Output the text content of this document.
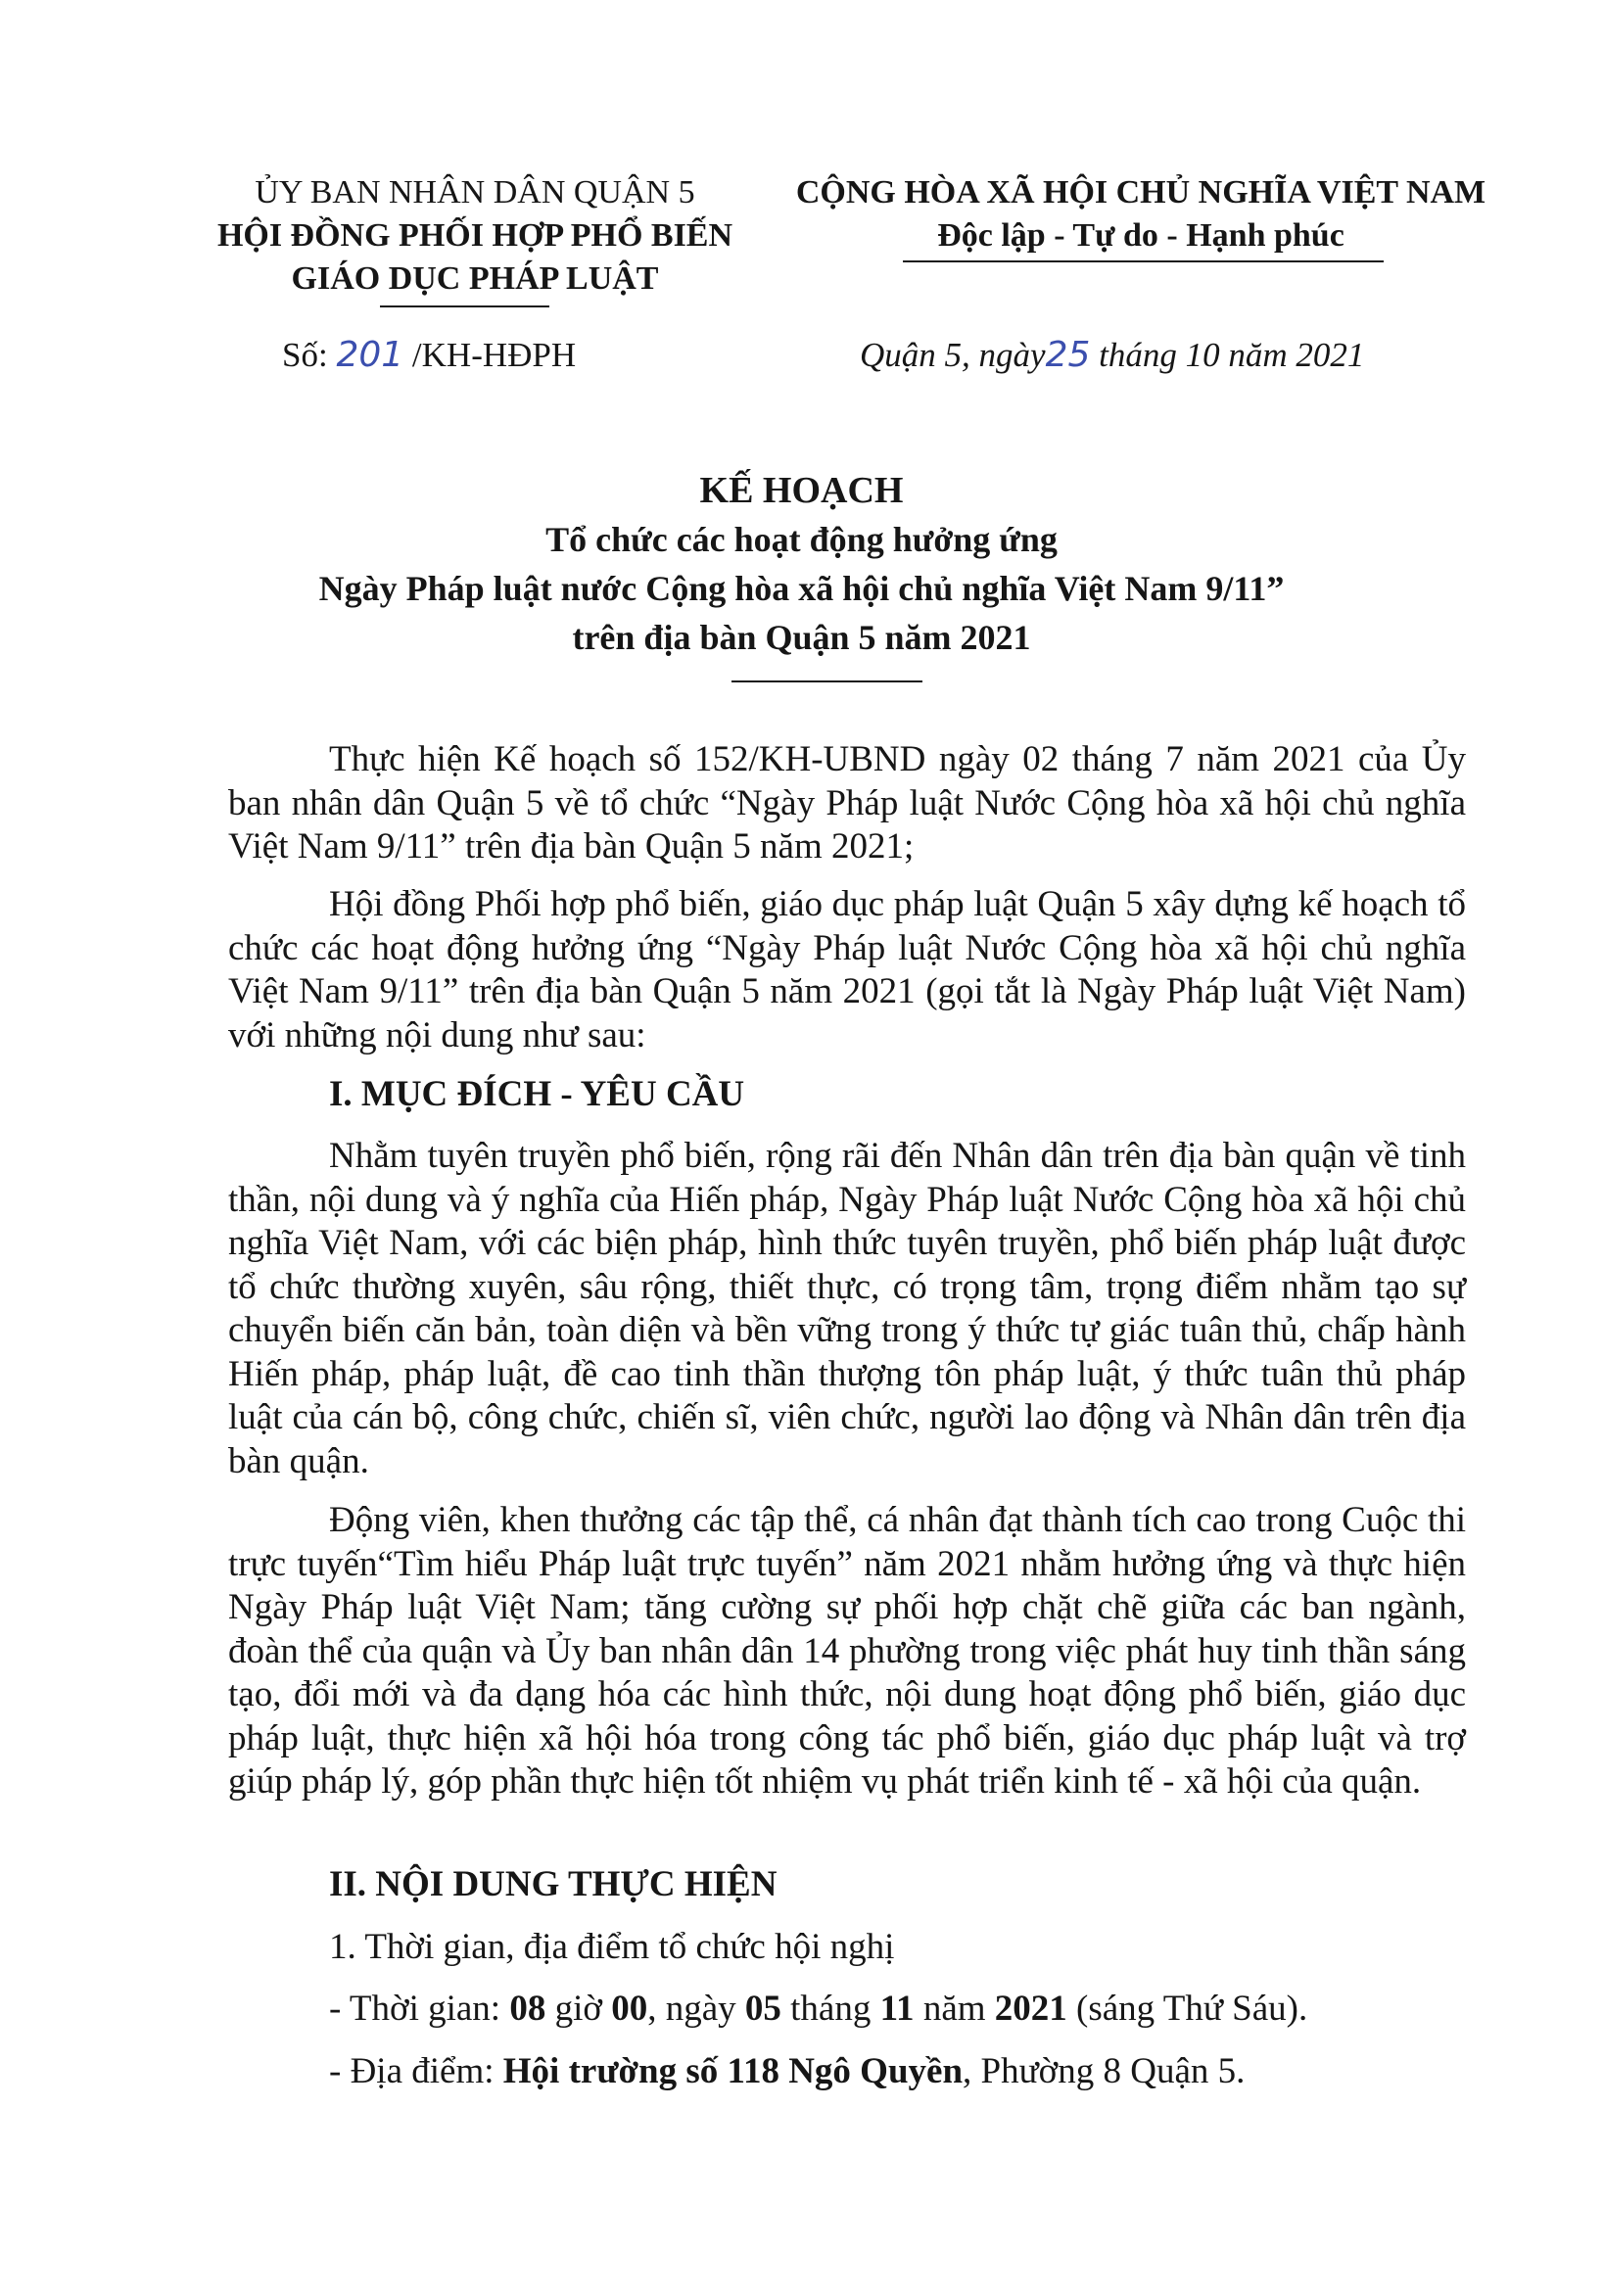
ỦY BAN NHÂN DÂN QUẬN 5
HỘI ĐỒNG PHỐI HỢP PHỔ BIẾN
GIÁO DỤC PHÁP LUẬT
CỘNG HÒA XÃ HỘI CHỦ NGHĨA VIỆT NAM
Độc lập - Tự do - Hạnh phúc
Số: 201 /KH-HĐPH	Quận 5, ngày25 tháng 10 năm 2021
KẾ HOẠCH
Tổ chức các hoạt động hưởng ứng
Ngày Pháp luật nước Cộng hòa xã hội chủ nghĩa Việt Nam 9/11”
trên địa bàn Quận 5 năm 2021
Thực hiện Kế hoạch số 152/KH-UBND ngày 02 tháng 7 năm 2021 của Ủy ban nhân dân Quận 5 về tổ chức “Ngày Pháp luật Nước Cộng hòa xã hội chủ nghĩa Việt Nam 9/11” trên địa bàn Quận 5 năm 2021;
Hội đồng Phối hợp phổ biến, giáo dục pháp luật Quận 5 xây dựng kế hoạch tổ chức các hoạt động hưởng ứng “Ngày Pháp luật Nước Cộng hòa xã hội chủ nghĩa Việt Nam 9/11” trên địa bàn Quận 5 năm 2021 (gọi tắt là Ngày Pháp luật Việt Nam) với những nội dung như sau:
I. MỤC ĐÍCH - YÊU CẦU
Nhằm tuyên truyền phổ biến, rộng rãi đến Nhân dân trên địa bàn quận về tinh thần, nội dung và ý nghĩa của Hiến pháp, Ngày Pháp luật Nước Cộng hòa xã hội chủ nghĩa Việt Nam, với các biện pháp, hình thức tuyên truyền, phổ biến pháp luật được tổ chức thường xuyên, sâu rộng, thiết thực, có trọng tâm, trọng điểm nhằm tạo sự chuyển biến căn bản, toàn diện và bền vững trong ý thức tự giác tuân thủ, chấp hành Hiến pháp, pháp luật, đề cao tinh thần thượng tôn pháp luật, ý thức tuân thủ pháp luật của cán bộ, công chức, chiến sĩ, viên chức, người lao động và Nhân dân trên địa bàn quận.
Động viên, khen thưởng các tập thể, cá nhân đạt thành tích cao trong Cuộc thi trực tuyến“Tìm hiểu Pháp luật trực tuyến” năm 2021 nhằm hưởng ứng và thực hiện Ngày Pháp luật Việt Nam; tăng cường sự phối hợp chặt chẽ giữa các ban ngành, đoàn thể của quận và Ủy ban nhân dân 14 phường trong việc phát huy tinh thần sáng tạo, đổi mới và đa dạng hóa các hình thức, nội dung hoạt động phổ biến, giáo dục pháp luật, thực hiện xã hội hóa trong công tác phổ biến, giáo dục pháp luật và trợ giúp pháp lý, góp phần thực hiện tốt nhiệm vụ phát triển kinh tế - xã hội của quận.
II. NỘI DUNG THỰC HIỆN
1. Thời gian, địa điểm tổ chức hội nghị
- Thời gian: 08 giờ 00, ngày 05 tháng 11 năm 2021 (sáng Thứ Sáu).
- Địa điểm: Hội trường số 118 Ngô Quyền, Phường 8 Quận 5.
